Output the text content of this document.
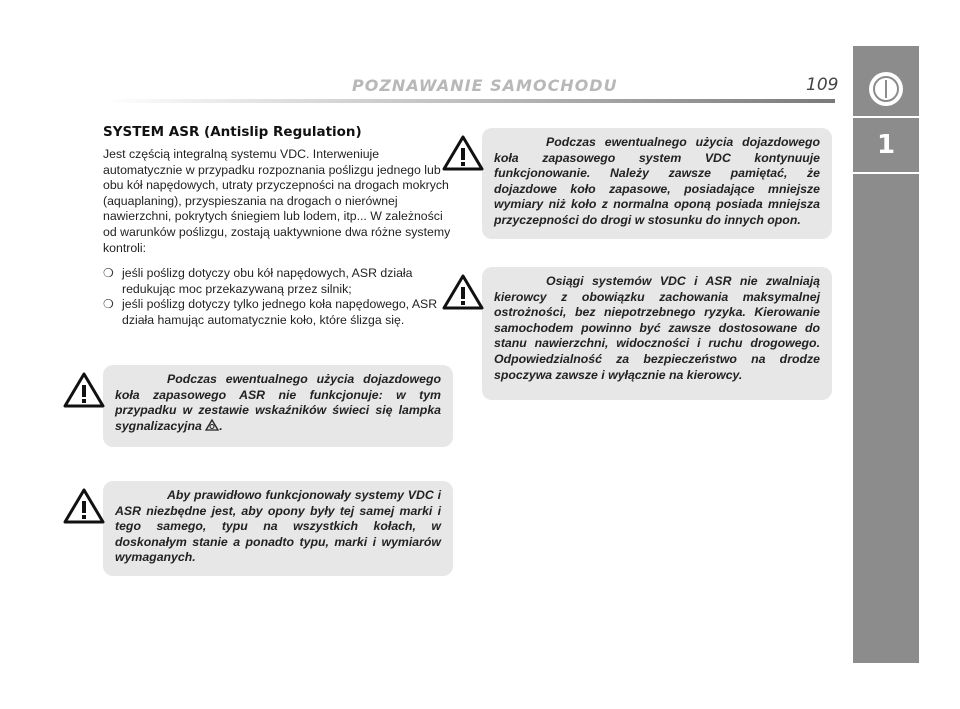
POZNAWANIE SAMOCHODU	109
1
SYSTEM ASR (Antislip Regulation)

Jest częścią integralną systemu VDC. Interweniuje automatycznie w przypadku rozpoznania poślizgu jednego lub obu kół napędowych, utraty przyczepności na drogach mokrych (aquaplaning), przyspieszania na drogach o nierównej nawierzchni, pokrytych śniegiem lub lodem, itp... W zależności od warunków poślizgu, zostają uaktywnione dwa różne systemy kontroli:

❍ jeśli poślizg dotyczy obu kół napędowych, ASR działa redukując moc przekazywaną przez silnik;
❍ jeśli poślizg dotyczy tylko jednego koła napędowego, ASR działa hamując automatycznie koło, które ślizga się.

Podczas ewentualnego użycia dojazdowego koła zapasowego ASR nie funkcjonuje: w tym przypadku w zestawie wskaźników świeci się lampka sygnalizacyjna .

Aby prawidłowo funkcjonowały systemy VDC i ASR niezbędne jest, aby opony były tej samej marki i tego samego, typu na wszystkich kołach, w doskonałym stanie a ponadto typu, marki i wymiarów wymaganych.

Podczas ewentualnego użycia dojazdowego koła zapasowego system VDC kontynuuje funkcjonowanie. Należy zawsze pamiętać, że dojazdowe koło zapasowe, posiadające mniejsze wymiary niż koło z normalna oponą posiada mniejsza przyczepności do drogi w stosunku do innych opon.

Osiągi systemów VDC i ASR nie zwalniają kierowcy z obowiązku zachowania maksymalnej ostrożności, bez niepotrzebnego ryzyka. Kierowanie samochodem powinno być zawsze dostosowane do stanu nawierzchni, widoczności i ruchu drogowego. Odpowiedzialność za bezpieczeństwo na drodze spoczywa zawsze i wyłącznie na kierowcy.
